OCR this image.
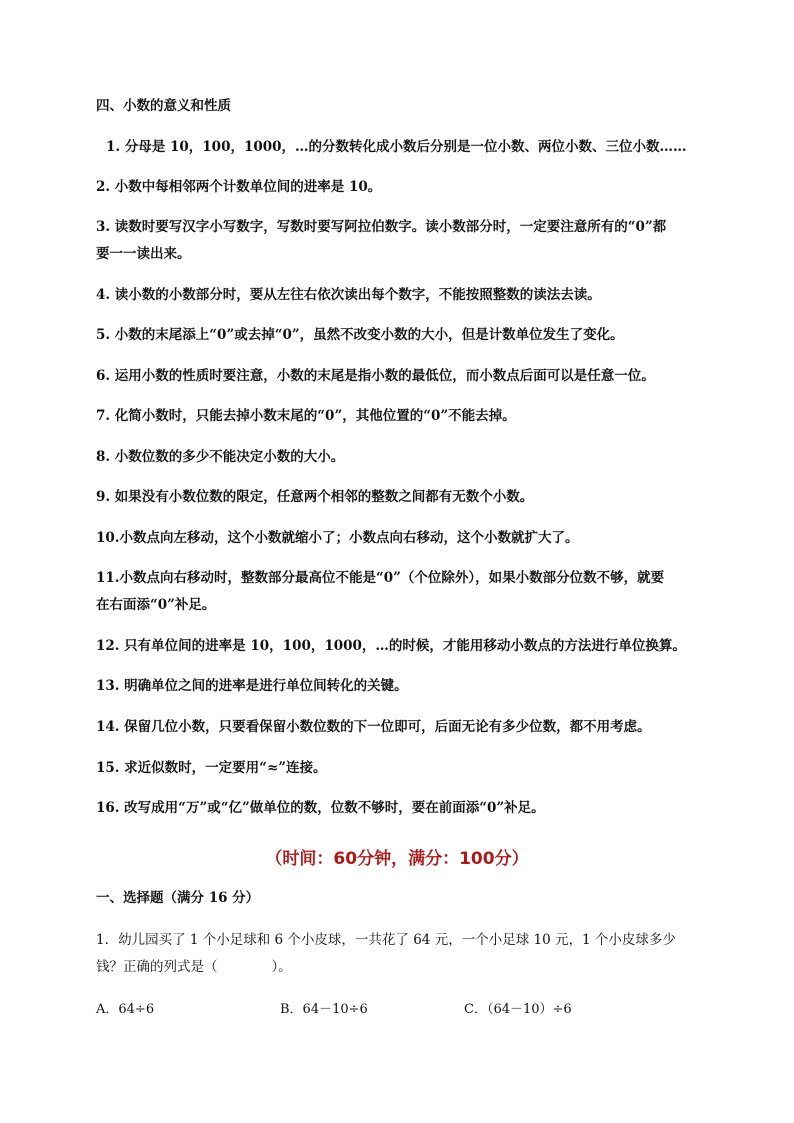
四、小数的意义和性质
1. 分母是 10，100，1000，…的分数转化成小数后分别是一位小数、两位小数、三位小数……
2. 小数中每相邻两个计数单位间的进率是 10。
3. 读数时要写汉字小写数字，写数时要写阿拉伯数字。读小数部分时，一定要注意所有的“0”都
要一一读出来。
4. 读小数的小数部分时，要从左往右依次读出每个数字，不能按照整数的读法去读。
5. 小数的末尾添上“0”或去掉“0”，虽然不改变小数的大小，但是计数单位发生了变化。
6. 运用小数的性质时要注意，小数的末尾是指小数的最低位，而小数点后面可以是任意一位。
7. 化简小数时，只能去掉小数末尾的“0”，其他位置的“0”不能去掉。
8. 小数位数的多少不能决定小数的大小。
9. 如果没有小数位数的限定，任意两个相邻的整数之间都有无数个小数。
10.小数点向左移动，这个小数就缩小了；小数点向右移动，这个小数就扩大了。
11.小数点向右移动时，整数部分最高位不能是“0”（个位除外），如果小数部分位数不够，就要
在右面添“0”补足。
12. 只有单位间的进率是 10，100，1000，…的时候，才能用移动小数点的方法进行单位换算。
13. 明确单位之间的进率是进行单位间转化的关键。
14. 保留几位小数，只要看保留小数位数的下一位即可，后面无论有多少位数，都不用考虑。
15. 求近似数时，一定要用“≈”连接。
16. 改写成用“万”或“亿”做单位的数，位数不够时，要在前面添“0”补足。
（时间：60分钟，满分：100分）
一、选择题（满分 16 分）
1．幼儿园买了 1 个小足球和 6 个小皮球，一共花了 64 元，一个小足球 10 元，1 个小皮球多少
钱？正确的列式是（　　　　）。
A．64÷6	B．64－10÷6	C．（64－10）÷6
